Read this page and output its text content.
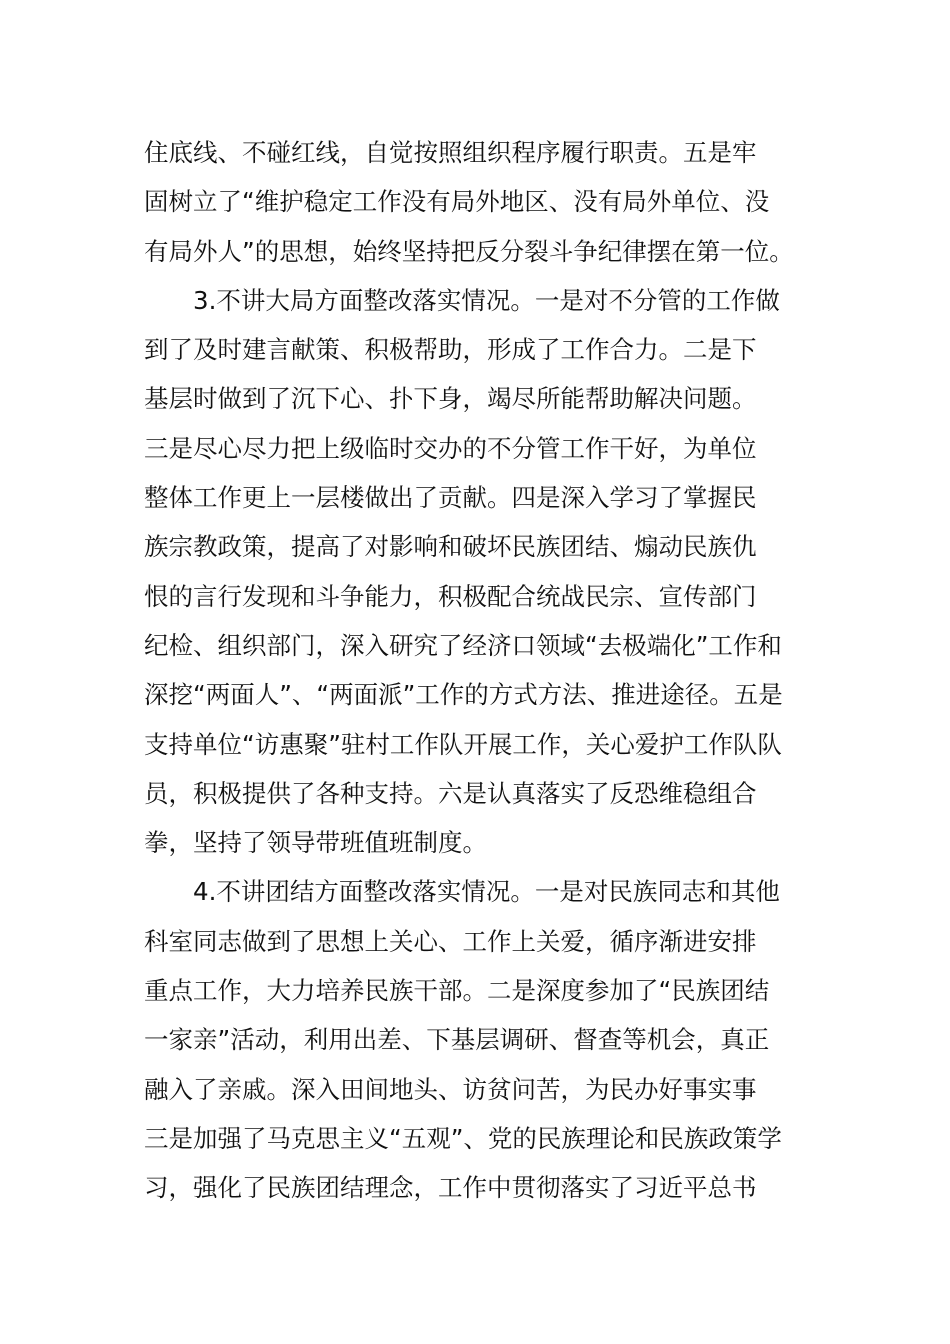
住底线、不碰红线，自觉按照组织程序履行职责。五是牢
固树立了“维护稳定工作没有局外地区、没有局外单位、没
有局外人”的思想，始终坚持把反分裂斗争纪律摆在第一位。
3.不讲大局方面整改落实情况。一是对不分管的工作做
到了及时建言献策、积极帮助，形成了工作合力。二是下
基层时做到了沉下心、扑下身，竭尽所能帮助解决问题。
三是尽心尽力把上级临时交办的不分管工作干好，为单位
整体工作更上一层楼做出了贡献。四是深入学习了掌握民
族宗教政策，提高了对影响和破坏民族团结、煽动民族仇
恨的言行发现和斗争能力，积极配合统战民宗、宣传部门
纪检、组织部门，深入研究了经济口领域“去极端化”工作和
深挖“两面人”、“两面派”工作的方式方法、推进途径。五是
支持单位“访惠聚”驻村工作队开展工作，关心爱护工作队队
员，积极提供了各种支持。六是认真落实了反恐维稳组合
拳，坚持了领导带班值班制度。
4.不讲团结方面整改落实情况。一是对民族同志和其他
科室同志做到了思想上关心、工作上关爱，循序渐进安排
重点工作，大力培养民族干部。二是深度参加了“民族团结
一家亲”活动，利用出差、下基层调研、督查等机会，真正
融入了亲戚。深入田间地头、访贫问苦，为民办好事实事
三是加强了马克思主义“五观”、党的民族理论和民族政策学
习，强化了民族团结理念，工作中贯彻落实了习近平总书
